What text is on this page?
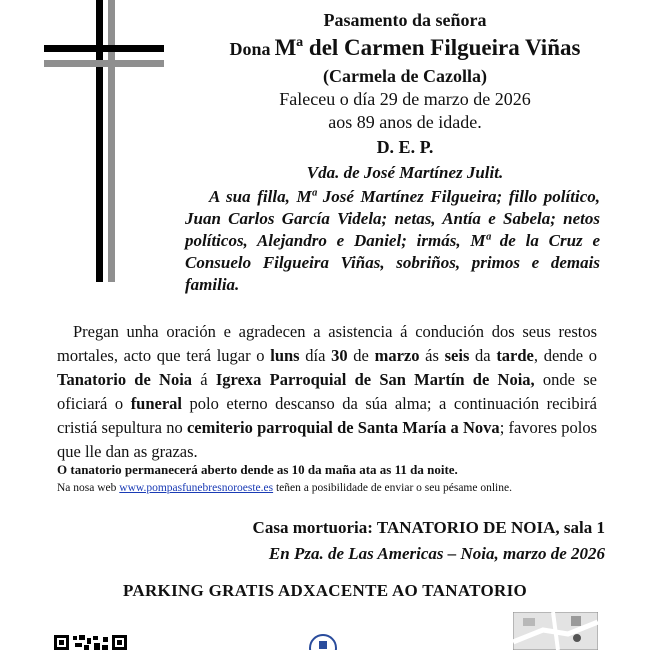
Pasamento da señora
Dona Mª del Carmen Filgueira Viñas
(Carmela de Cazolla)
Faleceu o día 29 de marzo de 2026
aos 89 anos de idade.
D. E. P.
Vda. de José Martínez Julit.

A sua filla, Mª José Martínez Filgueira; fillo político, Juan Carlos García Videla; netas, Antía e Sabela; netos políticos, Alejandro e Daniel; irmás, Mª de la Cruz e Consuelo Filgueira Viñas, sobriños, primos e demais familia.

Pregan unha oración e agradecen a asistencia á condución dos seus restos mortales, acto que terá lugar o luns día 30 de marzo ás seis da tarde, dende o Tanatorio de Noia á Igrexa Parroquial de San Martín de Noia, onde se oficiará o funeral polo eterno descanso da súa alma; a continuación recibirá cristiá sepultura no cemiterio parroquial de Santa María a Nova; favores polos que lle dan as grazas.
O tanatorio permanecerá aberto dende as 10 da maña ata as 11 da noite.
Na nosa web www.pompasfunebresnoroeste.es teñen a posibilidade de enviar o seu pésame online.
Casa mortuoria: TANATORIO DE NOIA, sala 1
En Pza. de Las Americas – Noia, marzo de 2026
PARKING GRATIS ADXACENTE AO TANATORIO
